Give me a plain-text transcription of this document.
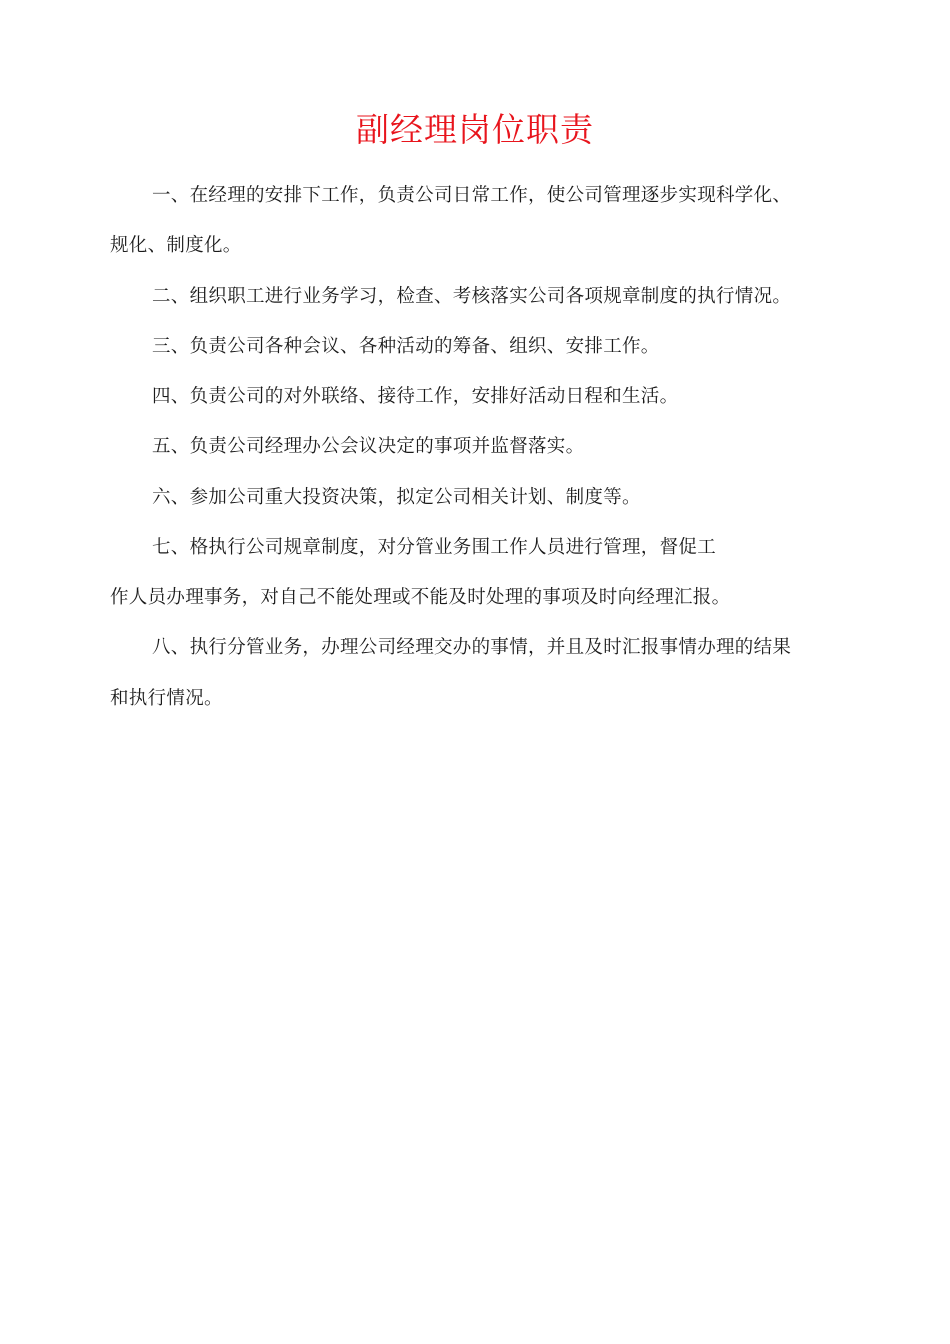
副经理岗位职责
一、在经理的安排下工作，负责公司日常工作，使公司管理逐步实现科学化、
规化、制度化。
二、组织职工进行业务学习，检查、考核落实公司各项规章制度的执行情况。
三、负责公司各种会议、各种活动的筹备、组织、安排工作。
四、负责公司的对外联络、接待工作，安排好活动日程和生活。
五、负责公司经理办公会议决定的事项并监督落实。
六、参加公司重大投资决策，拟定公司相关计划、制度等。
七、格执行公司规章制度，对分管业务围工作人员进行管理，督促工
作人员办理事务，对自己不能处理或不能及时处理的事项及时向经理汇报。
八、执行分管业务，办理公司经理交办的事情，并且及时汇报事情办理的结果
和执行情况。
